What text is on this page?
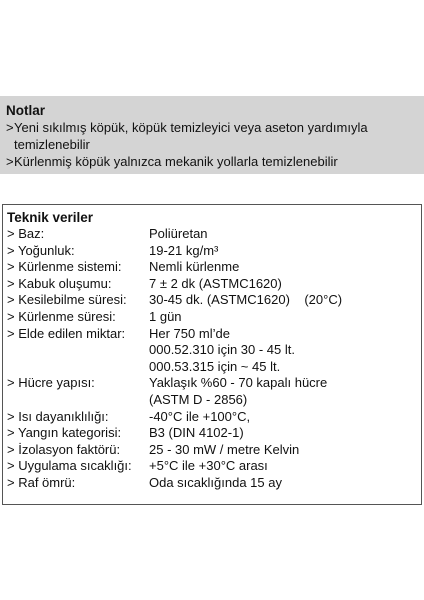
Notlar
> Yeni sıkılmış köpük, köpük temizleyici veya aseton yardımıyla temizlenebilir
> Kürlenmiş köpük yalnızca mekanik yollarla temizlenebilir
Teknik veriler
> Baz:	Poliüretan
> Yoğunluk:	19-21 kg/m³
> Kürlenme sistemi:	Nemli kürlenme
> Kabuk oluşumu:	7 ± 2 dk (ASTMC1620)
> Kesilebilme süresi:	30-45 dk. (ASTMC1620)    (20°C)
> Kürlenme süresi:	1 gün
> Elde edilen miktar:	Her 750 ml’de
000.52.310 için 30 - 45 lt.
000.53.315 için ~ 45 lt.
> Hücre yapısı:	Yaklaşık %60 - 70 kapalı hücre
(ASTM D - 2856)
> Isı dayanıklılığı:	-40°C ile +100°C,
> Yangın kategorisi:	B3 (DIN 4102-1)
> İzolasyon faktörü:	25 - 30 mW / metre Kelvin
> Uygulama sıcaklığı:	+5°C ile +30°C arası
> Raf ömrü:	Oda sıcaklığında 15 ay
